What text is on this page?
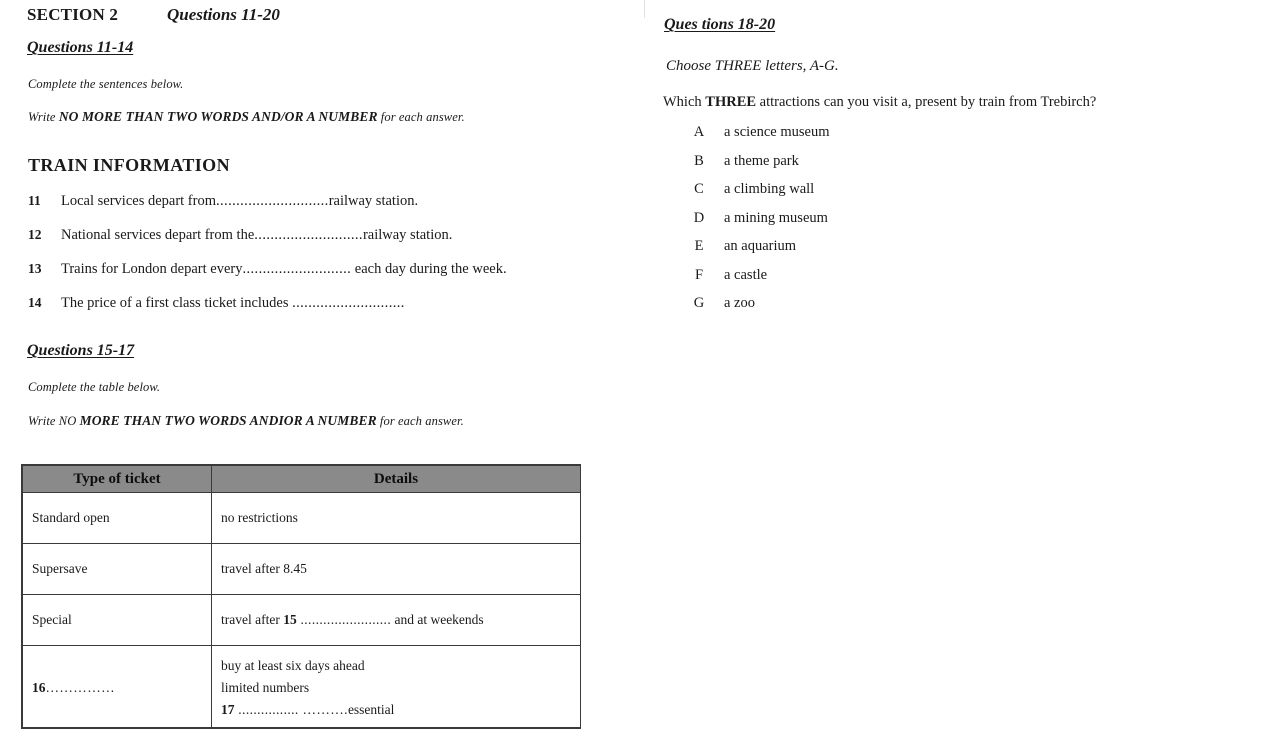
SECTION 2	Questions 11-20
Questions 11-14
Complete the sentences below.
Write NO MORE THAN TWO WORDS AND/OR A NUMBER for each answer.
TRAIN INFORMATION
11 Local services depart from............................railway station.
12 National services depart from the...........................railway station.
13 Trains for London depart every........................... each day during the week.
14 The price of a first class ticket includes ............................
Questions 15-17
Complete the table below.
Write NO MORE THAN TWO WORDS ANDIOR A NUMBER for each answer.
Type of ticket	Details
Standard open	no restrictions

Supersave	travel after 8.45

Special	travel after 15 ........................ and at weekends

16……………	buy at least six days ahead
limited numbers
17 ................ ……….essential
Ques tions 18-20
Choose THREE letters, A-G.
Which THREE attractions can you visit a, present by train from Trebirch?
A a science museum
B a theme park
C a climbing wall
D a mining museum
E an aquarium
F a castle
G a zoo
